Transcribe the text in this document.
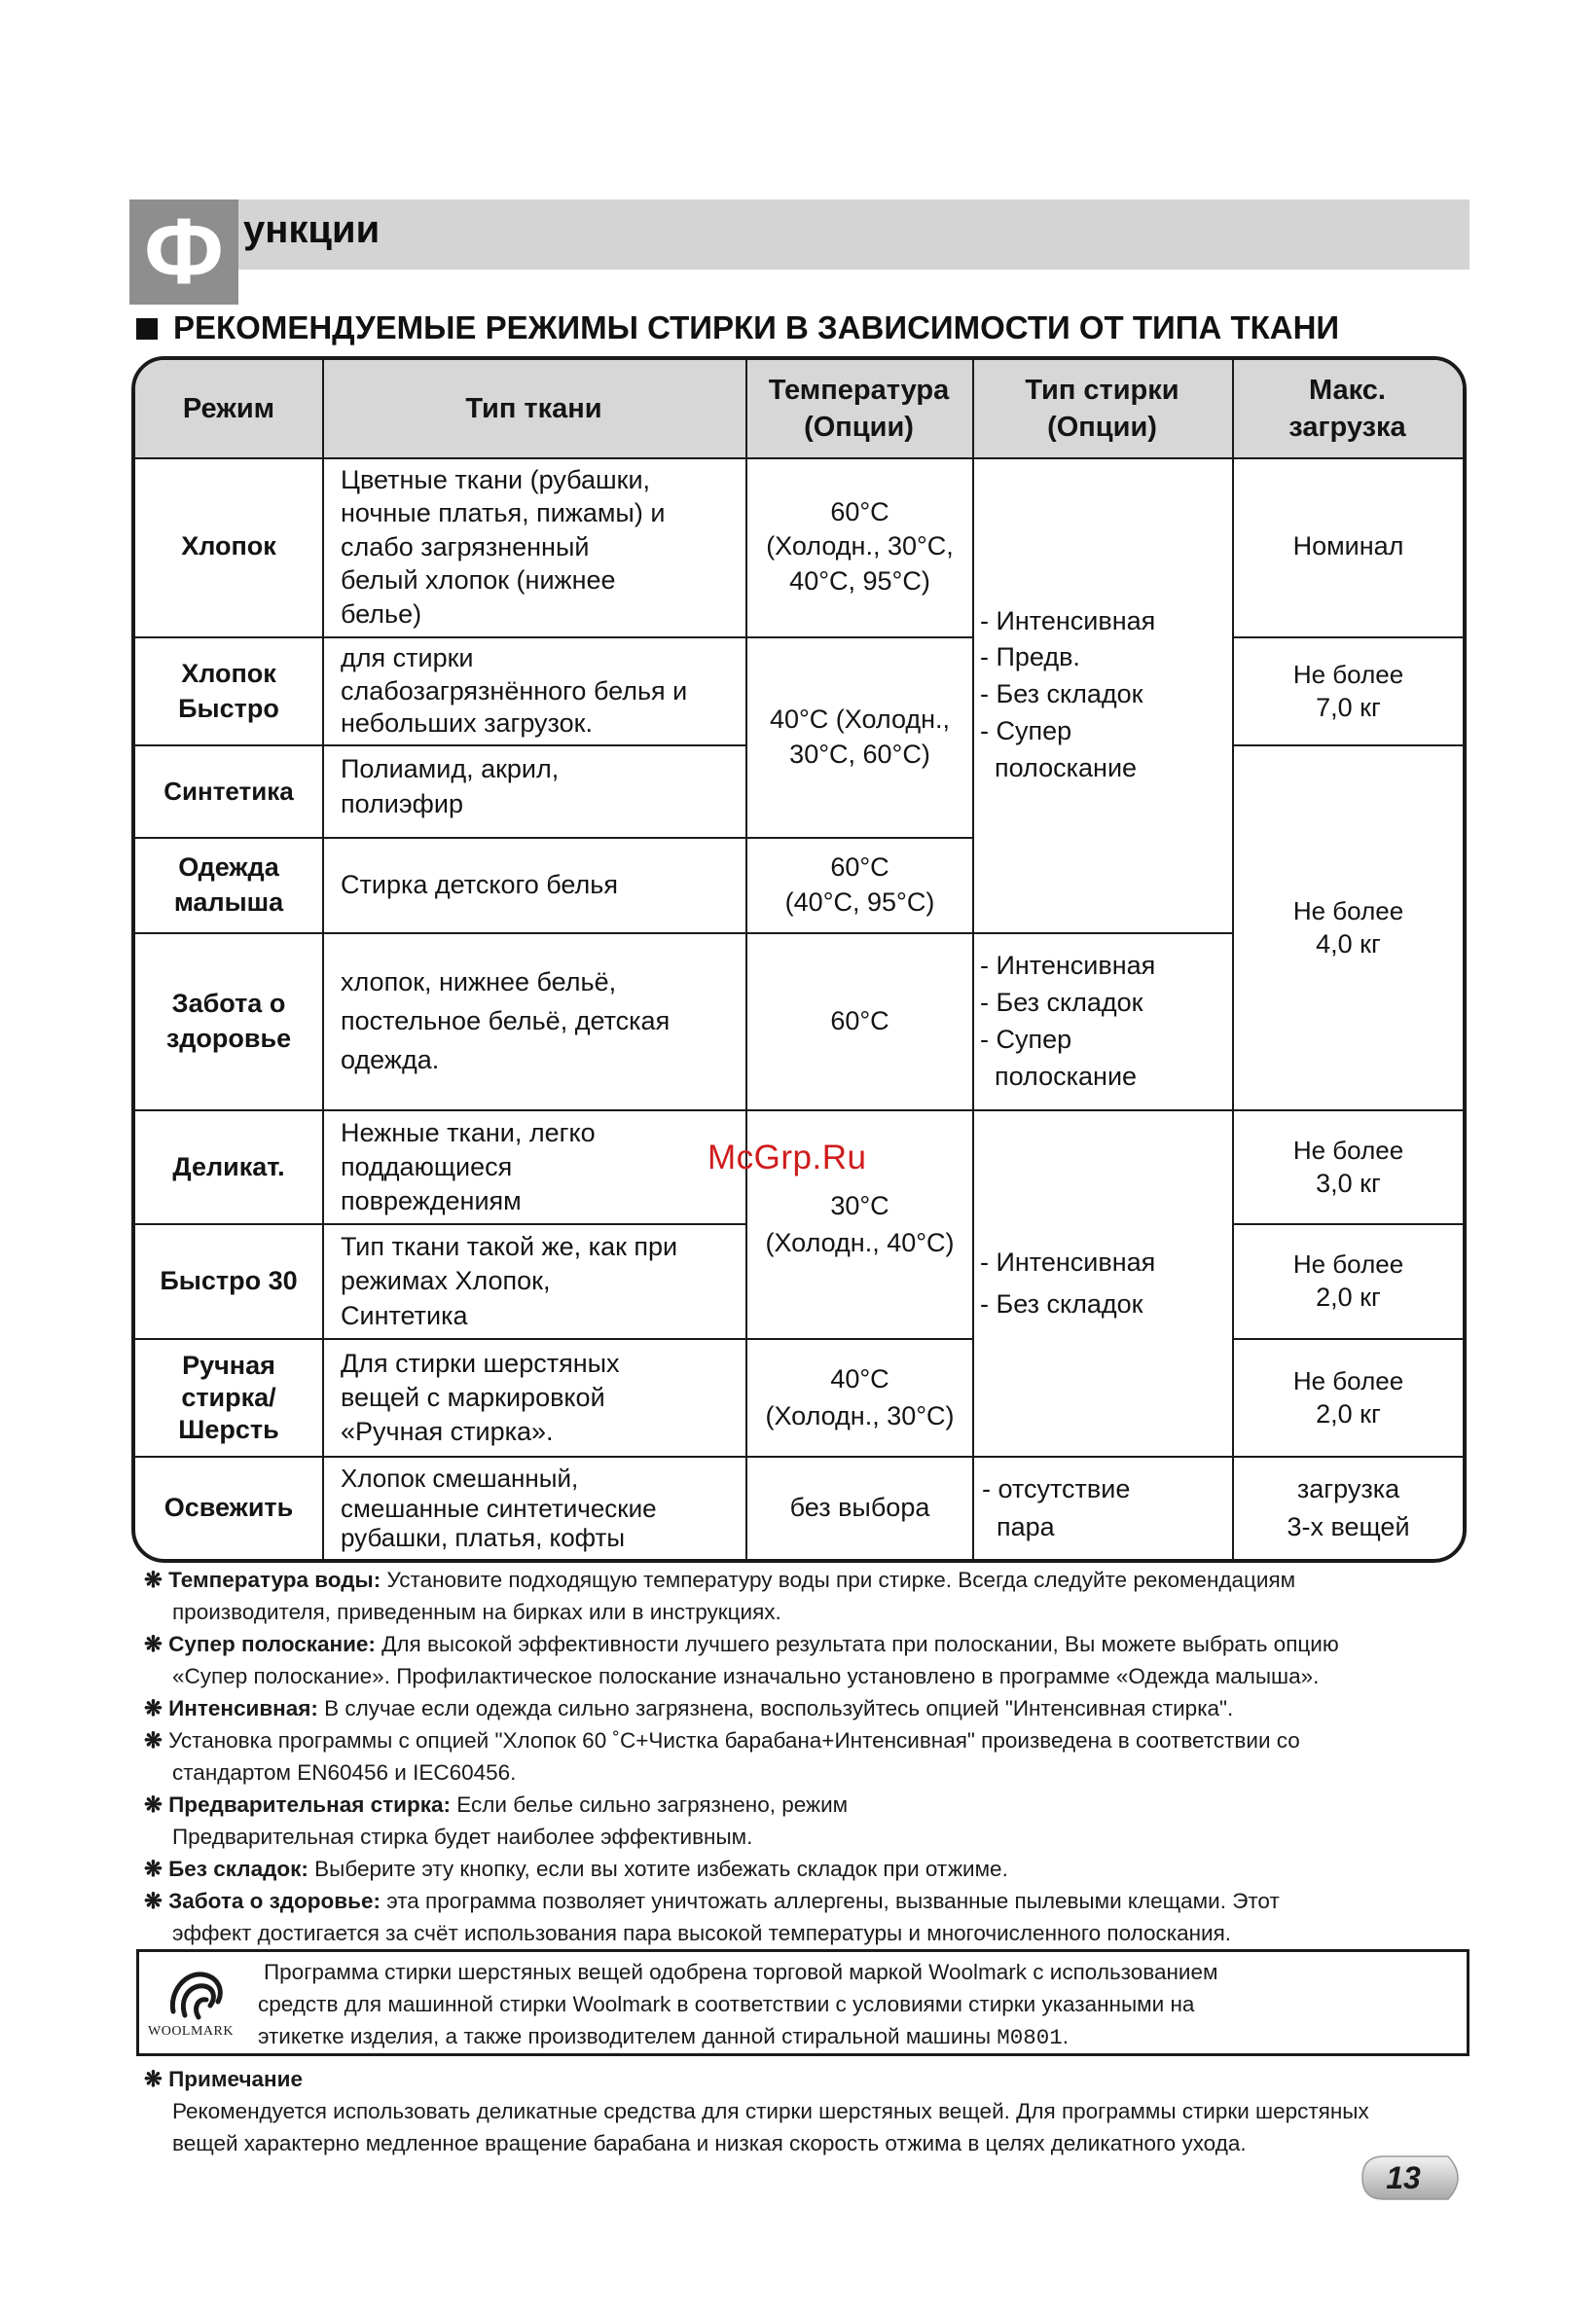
Ф ункции
РЕКОМЕНДУЕМЫЕ РЕЖИМЫ СТИРКИ В ЗАВИСИМОСТИ ОТ ТИПА ТКАНИ
Режим	Тип ткани
Температура
(Опции)
Тип стирки
(Опции)
Макс.
загрузка
Хлопок
Хлопок
Быстро
Синтетика
Одежда
малыша
Забота о
здоровье
Деликат.
Быстро 30
Ручная
стирка/
Шерсть
Освежить
Цветные ткани (рубашки,
ночные платья, пижамы) и
слабо загрязненный
белый хлопок (нижнее
белье)
для стирки
слабозагрязнённого белья и
небольших загрузок.
Полиамид, акрил,
полиэфир
Стирка детского белья
хлопок, нижнее бельё,
постельное бельё, детская
одежда.
Нежные ткани, легко
поддающиеся
повреждениям
Тип ткани такой же, как при
режимах Хлопок,
Синтетика
Для стирки шерстяных
вещей с маркировкой
«Ручная стирка».
Хлопок смешанный,
смешанные синтетические
рубашки, платья, кофты
60°C
(Холодн., 30°C,
40°C, 95°C)
40°C (Холодн.,
30°C, 60°C)
60°C
(40°C, 95°C)
60°C
30°C
(Холодн., 40°C)
40°C
(Холодн., 30°C)
без выбора
- Интенсивная
- Предв.
- Без складок
- Супер
полоскание
- Интенсивная
- Без складок
- Супер
полоскание
- Интенсивная
- Без складок
- отсутствие
пара
Номинал
Не более
7,0 кг
Не более
4,0 кг
Не более
3,0 кг
Не более
2,0 кг
Не более
2,0 кг
загрузка
3-х вещей
McGrp.Ru
❋ Температура воды: Установите подходящую температуру воды при стирке. Всегда следуйте рекомендациям
производителя, приведенным на бирках или в инструкциях.
❋ Супер полоскание: Для высокой эффективности лучшего результата при полоскании, Вы можете выбрать опцию
«Супер полоскание». Профилактическое полоскание изначально установлено в программе «Одежда малыша».
❋ Интенсивная: В случае если одежда сильно загрязнена, воспользуйтесь опцией "Интенсивная стирка".
❋ Установка программы с опцией "Хлопок 60 ˚С+Чистка барабана+Интенсивная" произведена в соответствии со
стандартом EN60456 и IEC60456.
❋ Предварительная стирка: Если белье сильно загрязнено, режим
Предварительная стирка будет наиболее эффективным.
❋ Без складок: Выберите эту кнопку, если вы хотите избежать складок при отжиме.
❋ Забота о здоровье: эта программа позволяет уничтожать аллергены, вызванные пылевыми клещами. Этот
эффект достигается за счёт использования пара высокой температуры и многочисленного полоскания.
WOOLMARK
Программа стирки шерстяных вещей одобрена торговой маркой Woolmark с использованием
средств для машинной стирки Woolmark в соответствии с условиями стирки указанными на
этикетке изделия, а также производителем данной стиральной машины M0801.
❋ Примечание
Рекомендуется использовать деликатные средства для стирки шерстяных вещей. Для программы стирки шерстяных
вещей характерно медленное вращение барабана и низкая скорость отжима в целях деликатного ухода.
13
